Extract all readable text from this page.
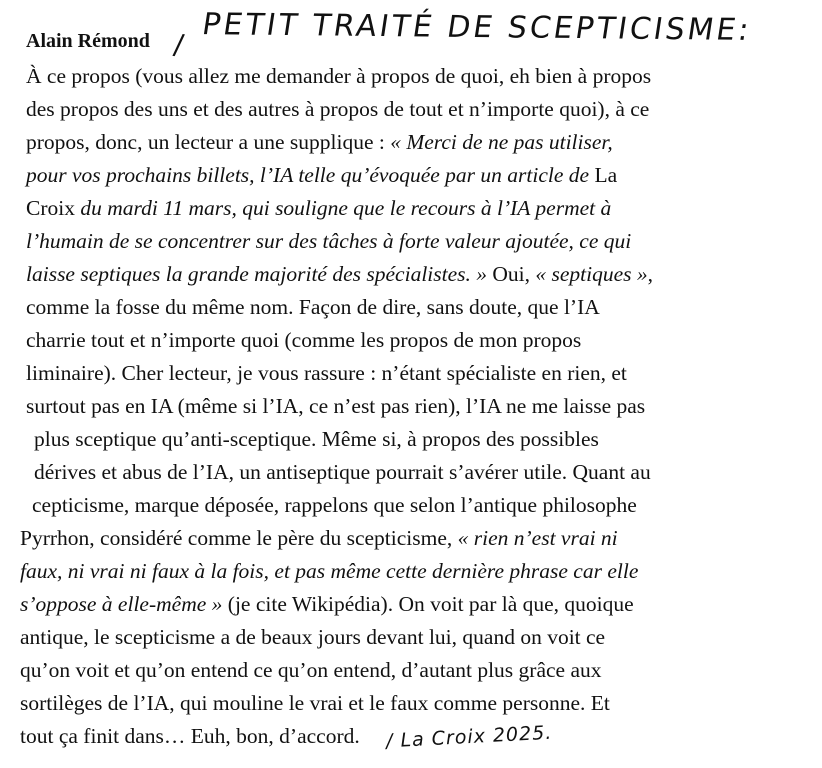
Alain Rémond / PETIT TRAITÉ DE SCEPTICISME:
À ce propos (vous allez me demander à propos de quoi, eh bien à propos
des propos des uns et des autres à propos de tout et n’importe quoi), à ce
propos, donc, un lecteur a une supplique : « Merci de ne pas utiliser,
pour vos prochains billets, l’IA telle qu’évoquée par un article de La
Croix du mardi 11 mars, qui souligne que le recours à l’IA permet à
l’humain de se concentrer sur des tâches à forte valeur ajoutée, ce qui
laisse septiques la grande majorité des spécialistes. » Oui, « septiques »,
comme la fosse du même nom. Façon de dire, sans doute, que l’IA
charrie tout et n’importe quoi (comme les propos de mon propos
liminaire). Cher lecteur, je vous rassure : n’étant spécialiste en rien, et
surtout pas en IA (même si l’IA, ce n’est pas rien), l’IA ne me laisse pas
plus sceptique qu’anti-sceptique. Même si, à propos des possibles
dérives et abus de l’IA, un antiseptique pourrait s’avérer utile. Quant au
cepticisme, marque déposée, rappelons que selon l’antique philosophe
Pyrrhon, considéré comme le père du scepticisme, « rien n’est vrai ni
faux, ni vrai ni faux à la fois, et pas même cette dernière phrase car elle
s’oppose à elle-même » (je cite Wikipédia). On voit par là que, quoique
antique, le scepticisme a de beaux jours devant lui, quand on voit ce
qu’on voit et qu’on entend ce qu’on entend, d’autant plus grâce aux
sortilèges de l’IA, qui mouline le vrai et le faux comme personne. Et
tout ça finit dans… Euh, bon, d’accord. / La Croix 2025.
